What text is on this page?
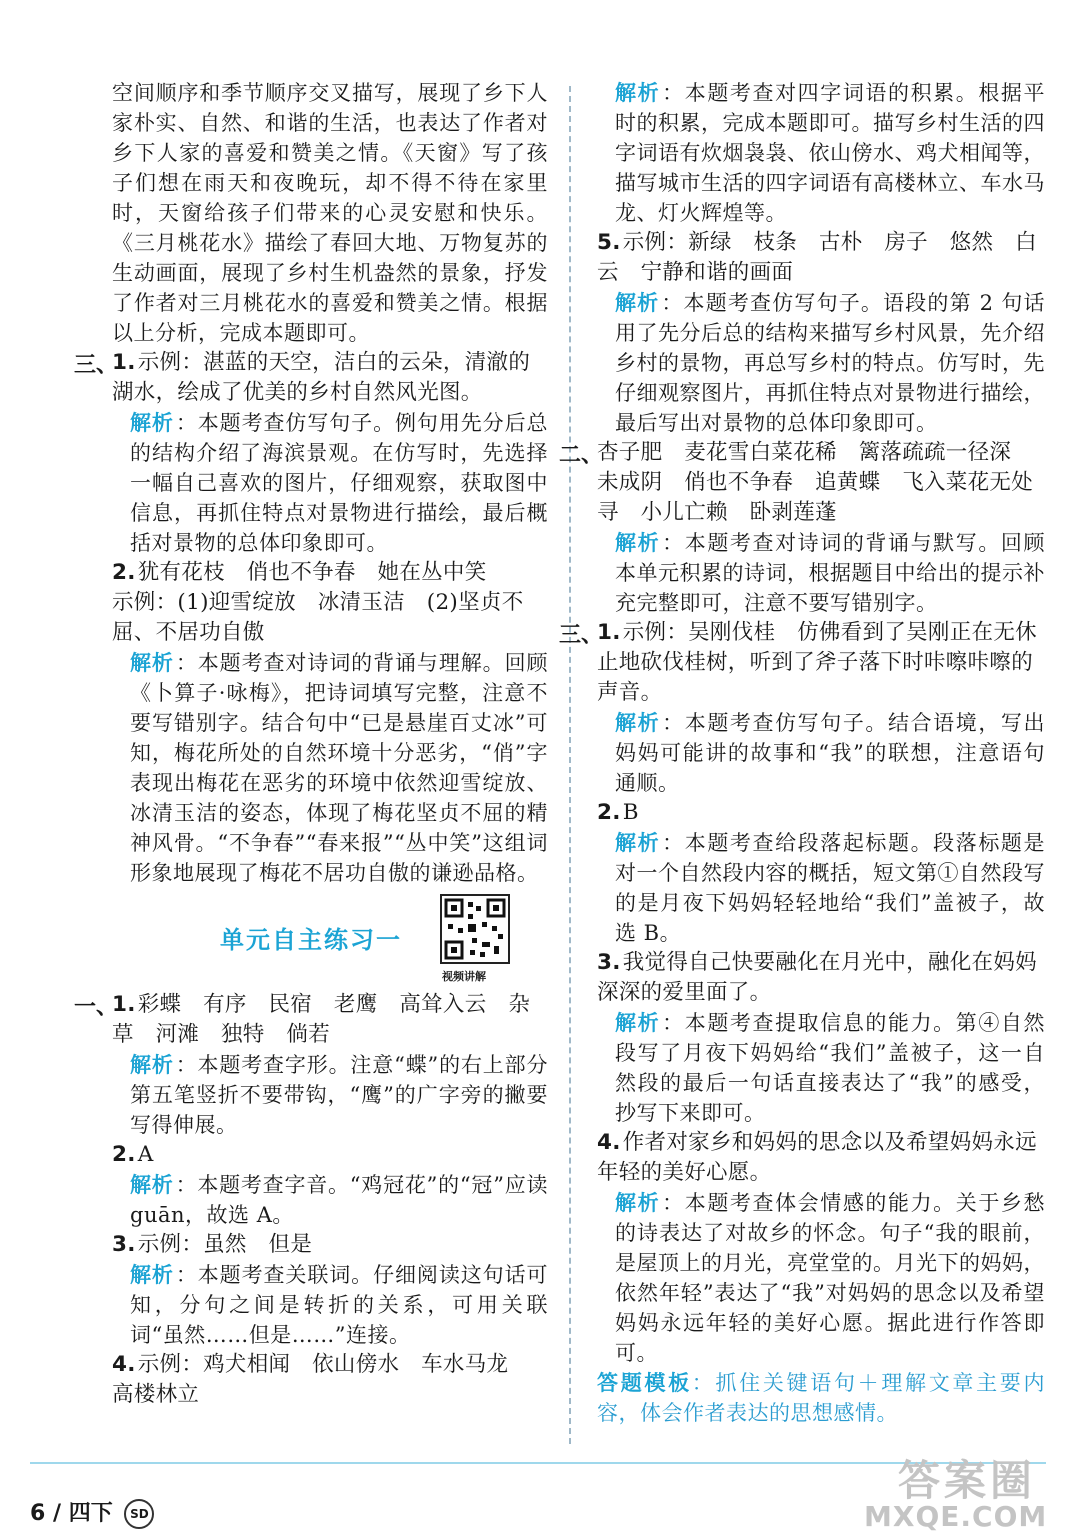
空间顺序和季节顺序交叉描写，展现了乡下人家朴实、自然、和谐的生活，也表达了作者对乡下人家的喜爱和赞美之情。《天窗》写了孩子们想在雨天和夜晚玩，却不得不待在家里时，天窗给孩子们带来的心灵安慰和快乐。《三月桃花水》描绘了春回大地、万物复苏的生动画面，展现了乡村生机盎然的景象，抒发了作者对三月桃花水的喜爱和赞美之情。根据以上分析，完成本题即可。

三、

1.示例：湛蓝的天空，洁白的云朵，清澈的湖水，绘成了优美的乡村自然风光图。

解析：本题考查仿写句子。例句用先分后总的结构介绍了海滨景观。在仿写时，先选择一幅自己喜欢的图片，仔细观察，获取图中信息，再抓住特点对景物进行描绘，最后概括对景物的总体印象即可。

2.犹有花枝　俏也不争春　她在丛中笑

示例：(1)迎雪绽放　冰清玉洁　(2)坚贞不屈、不居功自傲

解析：本题考查对诗词的背诵与理解。回顾《卜算子·咏梅》，把诗词填写完整，注意不要写错别字。结合句中“已是悬崖百丈冰”可知，梅花所处的自然环境十分恶劣，“俏”字表现出梅花在恶劣的环境中依然迎雪绽放、冰清玉洁的姿态，体现了梅花坚贞不屈的精神风骨。“不争春”“春来报”“丛中笑”这组词形象地展现了梅花不居功自傲的谦逊品格。

单元自主练习一
视频讲解
一、

1.彩蝶　有序　民宿　老鹰　高耸入云　杂草　河滩　独特　倘若

解析：本题考查字形。注意“蝶”的右上部分第五笔竖折不要带钩，“鹰”的广字旁的撇要写得伸展。

2.A

解析：本题考查字音。“鸡冠花”的“冠”应读 guān，故选 A。

3.示例：虽然　但是

解析：本题考查关联词。仔细阅读这句话可知，分句之间是转折的关系，可用关联词“虽然……但是……”连接。

4.示例：鸡犬相闻　依山傍水　车水马龙　高楼林立

解析：本题考查对四字词语的积累。根据平时的积累，完成本题即可。描写乡村生活的四字词语有炊烟袅袅、依山傍水、鸡犬相闻等，描写城市生活的四字词语有高楼林立、车水马龙、灯火辉煌等。

5.示例：新绿　枝条　古朴　房子　悠然　白云　宁静和谐的画面

解析：本题考查仿写句子。语段的第 2 句话用了先分后总的结构来描写乡村风景，先介绍乡村的景物，再总写乡村的特点。仿写时，先仔细观察图片，再抓住特点对景物进行描绘，最后写出对景物的总体印象即可。

二、

杏子肥　麦花雪白菜花稀　篱落疏疏一径深　未成阴　俏也不争春　追黄蝶　飞入菜花无处寻　小儿亡赖　卧剥莲蓬

解析：本题考查对诗词的背诵与默写。回顾本单元积累的诗词，根据题目中给出的提示补充完整即可，注意不要写错别字。

三、

1.示例：吴刚伐桂　仿佛看到了吴刚正在无休止地砍伐桂树，听到了斧子落下时咔嚓咔嚓的声音。

解析：本题考查仿写句子。结合语境，写出妈妈可能讲的故事和“我”的联想，注意语句通顺。

2.B

解析：本题考查给段落起标题。段落标题是对一个自然段内容的概括，短文第①自然段写的是月夜下妈妈轻轻地给“我们”盖被子，故选 B。

3.我觉得自己快要融化在月光中，融化在妈妈深深的爱里面了。

解析：本题考查提取信息的能力。第④自然段写了月夜下妈妈给“我们”盖被子，这一自然段的最后一句话直接表达了“我”的感受，抄写下来即可。

4.作者对家乡和妈妈的思念以及希望妈妈永远年轻的美好心愿。

解析：本题考查体会情感的能力。关于乡愁的诗表达了对故乡的怀念。句子“我的眼前，是屋顶上的月光，亮堂堂的。月光下的妈妈，依然年轻”表达了“我”对妈妈的思念以及希望妈妈永远年轻的美好心愿。据此进行作答即可。

答题模板：抓住关键语句＋理解文章主要内容，体会作者表达的思想感情。

6 / 四下 SD
答案圈
MXQE.COM
